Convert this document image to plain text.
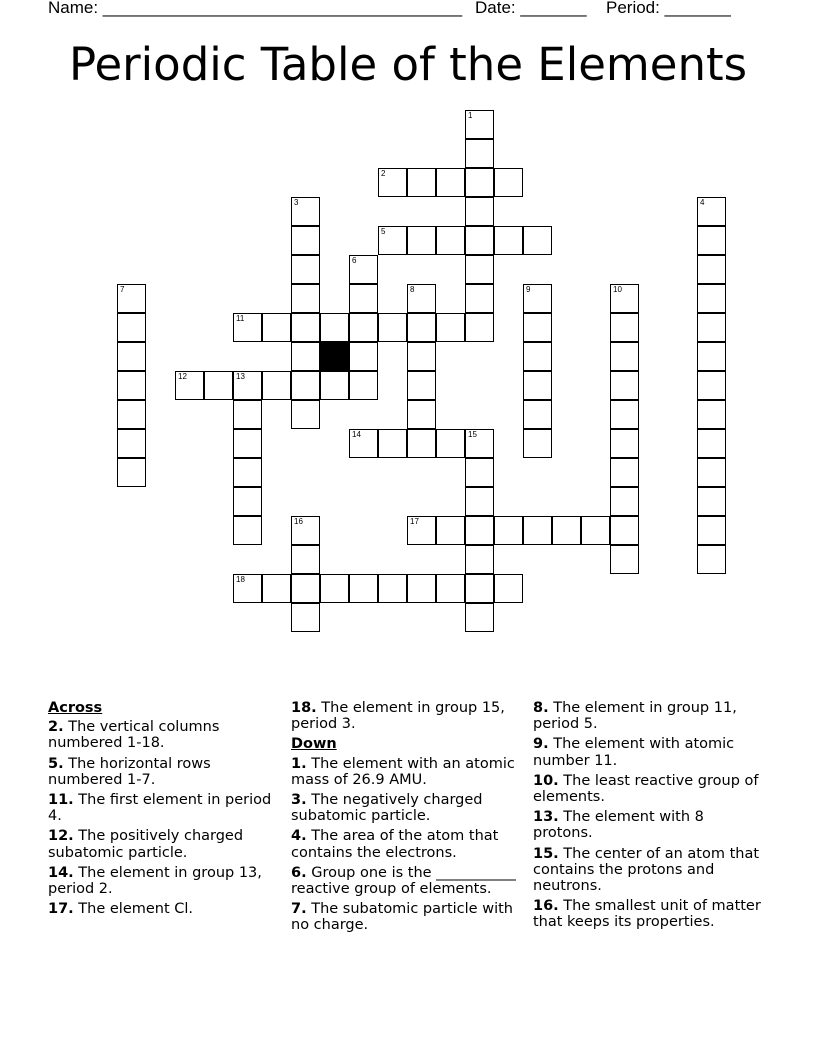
Name: ______________________________________ Date: _______ Period: _______
Periodic Table of the Elements
1
2
3	4
5
6
7	8	9	10
11
12	13
14	15
16	17
18
Across
2. The vertical columns numbered 1-18.
5. The horizontal rows numbered 1-7.
11. The first element in period 4.
12. The positively charged subatomic particle.
14. The element in group 13, period 2.
17. The element Cl.
18. The element in group 15, period 3.
Down
1. The element with an atomic mass of 26.9 AMU.
3. The negatively charged subatomic particle.
4. The area of the atom that contains the electrons.
6. Group one is the ___________ reactive group of elements.
7. The subatomic particle with no charge.
8. The element in group 11, period 5.
9. The element with atomic number 11.
10. The least reactive group of elements.
13. The element with 8 protons.
15. The center of an atom that contains the protons and neutrons.
16. The smallest unit of matter that keeps its properties.
